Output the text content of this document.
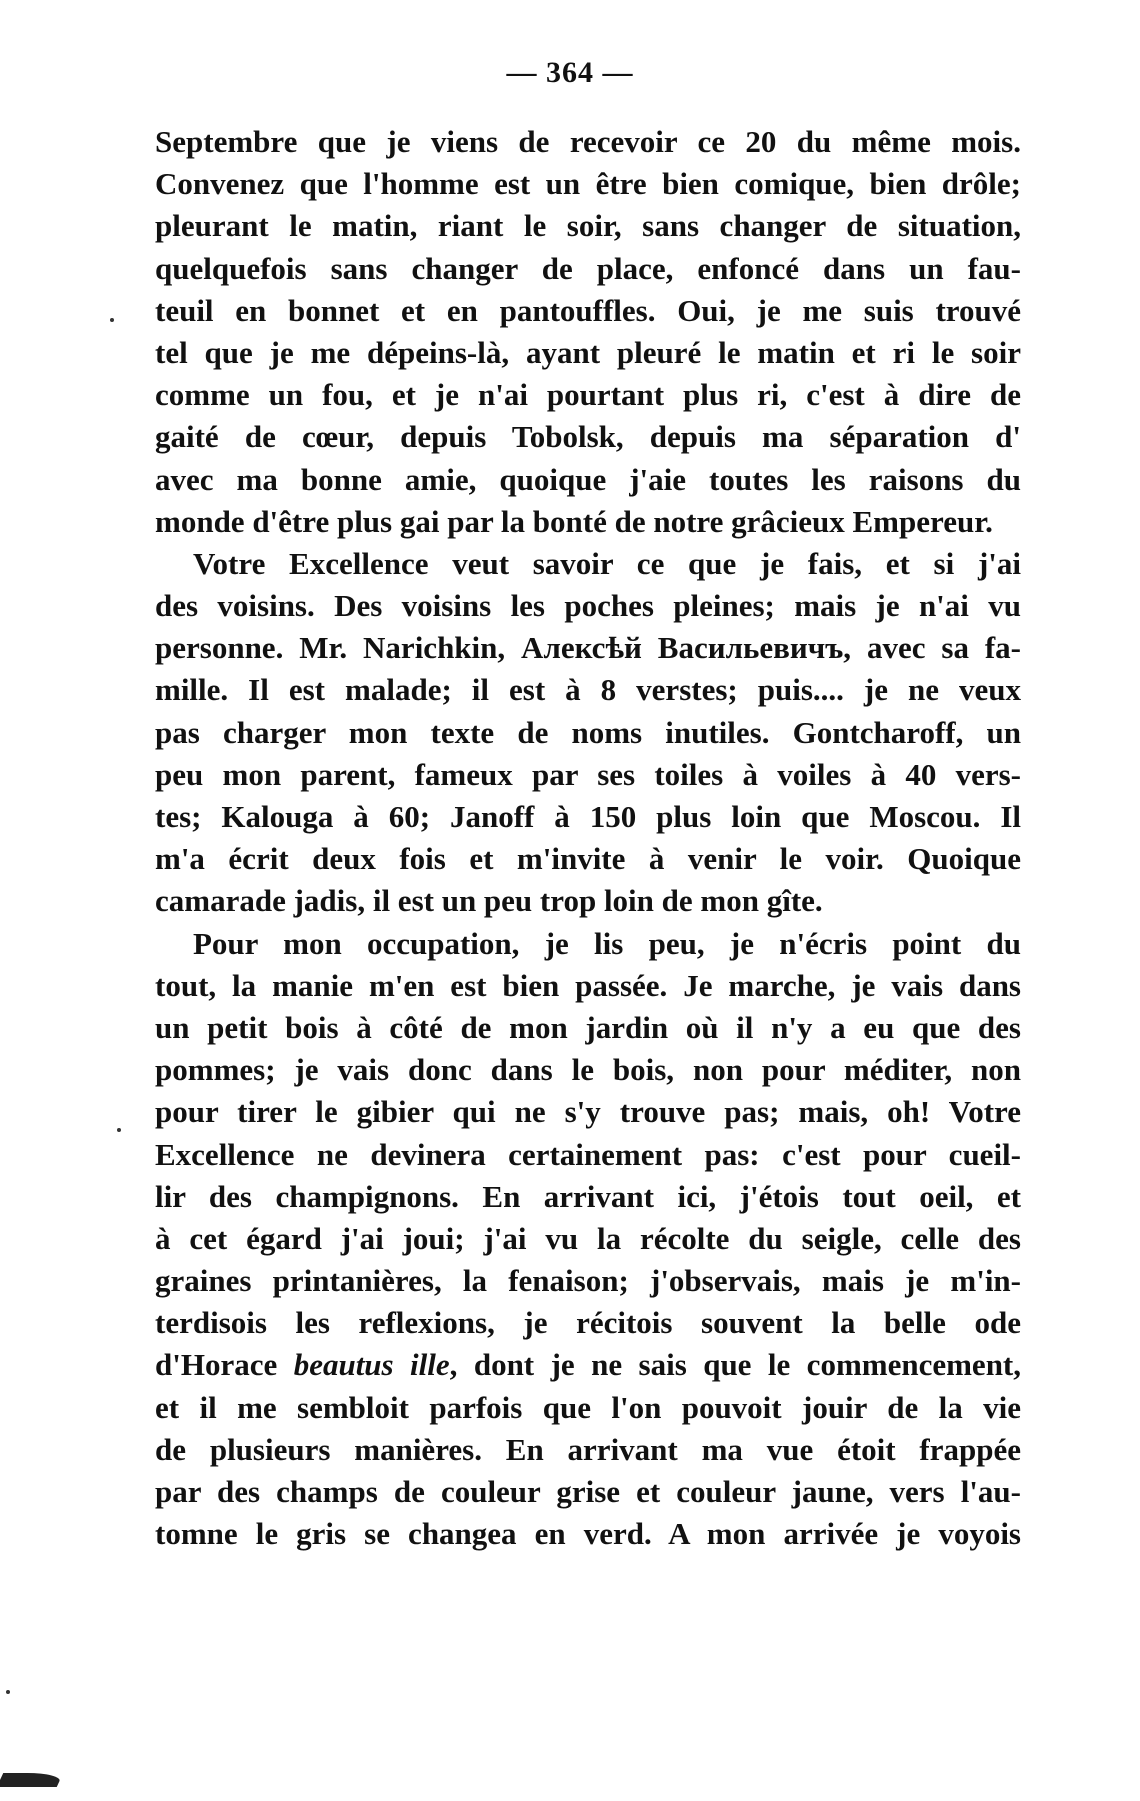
— 364 —
Septembre que je viens de recevoir ce 20 du même mois.
Convenez que l'homme est un être bien comique, bien drôle;
pleurant le matin, riant le soir, sans changer de situation,
quelquefois sans changer de place, enfoncé dans un fau-
teuil en bonnet et en pantouffles. Oui, je me suis trouvé
tel que je me dépeins-là, ayant pleuré le matin et ri le soir
comme un fou, et je n'ai pourtant plus ri, c'est à dire de
gaité de cœur, depuis Tobolsk, depuis ma séparation d'
avec ma bonne amie, quoique j'aie toutes les raisons du
monde d'être plus gai par la bonté de notre grâcieux Empereur.
Votre Excellence veut savoir ce que je fais, et si j'ai
des voisins. Des voisins les poches pleines; mais je n'ai vu
personne. Mr. Narichkin, Алексѣй Васильевичъ, avec sa fa-
mille. Il est malade; il est à 8 verstes; puis.... je ne veux
pas charger mon texte de noms inutiles. Gontcharoff, un
peu mon parent, fameux par ses toiles à voiles à 40 vers-
tes; Kalouga à 60; Janoff à 150 plus loin que Moscou. Il
m'a écrit deux fois et m'invite à venir le voir. Quoique
camarade jadis, il est un peu trop loin de mon gîte.
Pour mon occupation, je lis peu, je n'écris point du
tout, la manie m'en est bien passée. Je marche, je vais dans
un petit bois à côté de mon jardin où il n'y a eu que des
pommes; je vais donc dans le bois, non pour méditer, non
pour tirer le gibier qui ne s'y trouve pas; mais, oh! Votre
Excellence ne devinera certainement pas: c'est pour cueil-
lir des champignons. En arrivant ici, j'étois tout oeil, et
à cet égard j'ai joui; j'ai vu la récolte du seigle, celle des
graines printanières, la fenaison; j'observais, mais je m'in-
terdisois les reflexions, je récitois souvent la belle ode
d'Horace beautus ille, dont je ne sais que le commencement,
et il me sembloit parfois que l'on pouvoit jouir de la vie
de plusieurs manières. En arrivant ma vue étoit frappée
par des champs de couleur grise et couleur jaune, vers l'au-
tomne le gris se changea en verd. A mon arrivée je voyois
